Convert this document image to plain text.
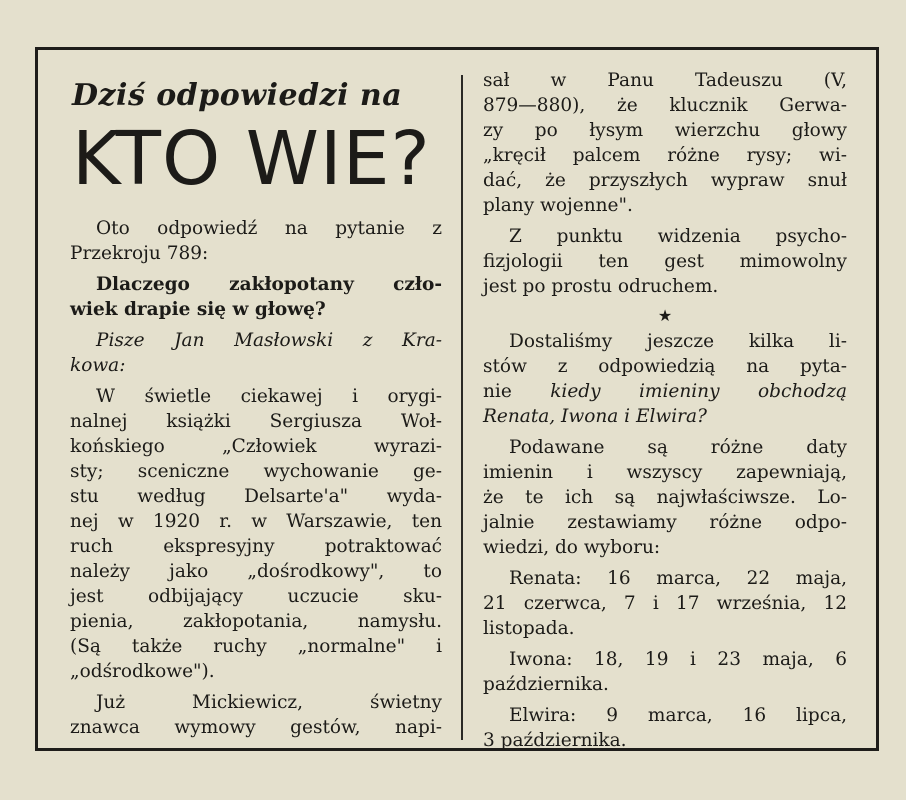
Dziś odpowiedzi na
KTO WIE?
Oto odpowiedź na pytanie z
Przekroju 789:
Dlaczego zakłopotany czło-
wiek drapie się w głowę?
Pisze Jan Masłowski z Kra-
kowa:
W świetle ciekawej i orygi-
nalnej książki Sergiusza Woł-
końskiego „Człowiek wyrazi-
sty; sceniczne wychowanie ge-
stu według Delsarte'a" wyda-
nej w 1920 r. w Warszawie, ten
ruch ekspresyjny potraktować
należy jako „dośrodkowy", to
jest odbijający uczucie sku-
pienia, zakłopotania, namysłu.
(Są także ruchy „normalne" i
„odśrodkowe").
Już Mickiewicz, świetny
znawca wymowy gestów, napi-
sał w Panu Tadeuszu (V,
879—880), że klucznik Gerwa-
zy po łysym wierzchu głowy
„kręcił palcem różne rysy; wi-
dać, że przyszłych wypraw snuł
plany wojenne".
Z punktu widzenia psycho-
fizjologii ten gest mimowolny
jest po prostu odruchem.
★
Dostaliśmy jeszcze kilka li-
stów z odpowiedzią na pyta-
nie kiedy imieniny obchodzą
Renata, Iwona i Elwira?
Podawane są różne daty
imienin i wszyscy zapewniają,
że te ich są najwłaściwsze. Lo-
jalnie zestawiamy różne odpo-
wiedzi, do wyboru:
Renata: 16 marca, 22 maja,
21 czerwca, 7 i 17 września, 12
listopada.
Iwona: 18, 19 i 23 maja, 6
października.
Elwira: 9 marca, 16 lipca,
3 października.
